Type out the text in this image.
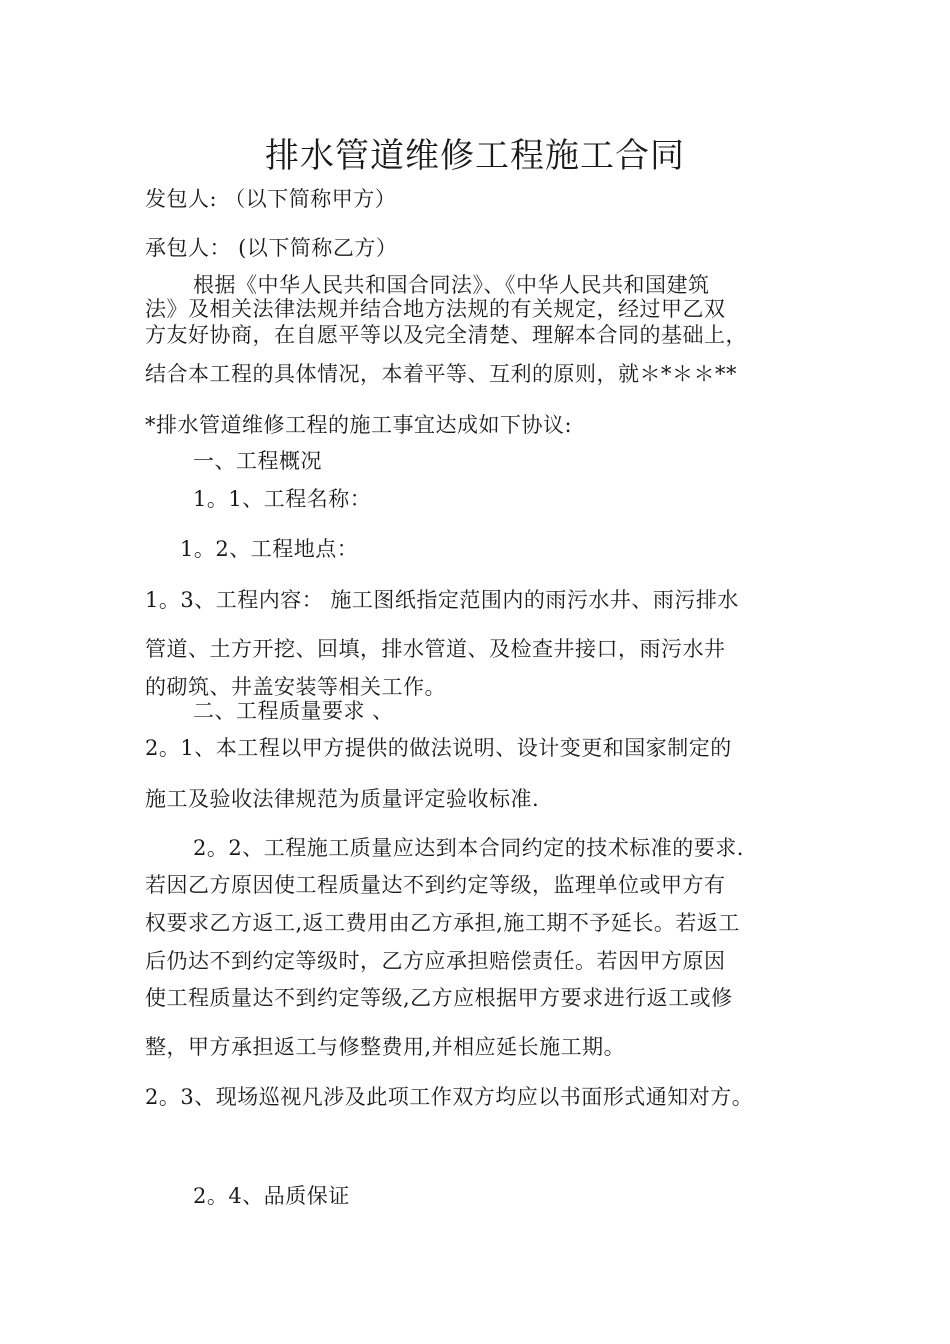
排水管道维修工程施工合同
发包人: （以下简称甲方）
承包人： (以下简称乙方）
根据《中华人民共和国合同法》、《中华人民共和国建筑
法》及相关法律法规并结合地方法规的有关规定，经过甲乙双
方友好协商，在自愿平等以及完全清楚、理解本合同的基础上，
结合本工程的具体情况，本着平等、互利的原则，就＊*＊＊**
*排水管道维修工程的施工事宜达成如下协议:
一、工程概况
1。1、工程名称：
1。2、工程地点：
1。3、工程内容： 施工图纸指定范围内的雨污水井、雨污排水
管道、土方开挖、回填，排水管道、及检查井接口，雨污水井
的砌筑、井盖安装等相关工作。
二、工程质量要求 、
2。1、本工程以甲方提供的做法说明、设计变更和国家制定的
施工及验收法律规范为质量评定验收标准.
2。2、工程施工质量应达到本合同约定的技术标准的要求.
若因乙方原因使工程质量达不到约定等级，监理单位或甲方有
权要求乙方返工,返工费用由乙方承担,施工期不予延长。若返工
后仍达不到约定等级时，乙方应承担赔偿责任。若因甲方原因
使工程质量达不到约定等级,乙方应根据甲方要求进行返工或修
整，甲方承担返工与修整费用,并相应延长施工期。
2。3、现场巡视凡涉及此项工作双方均应以书面形式通知对方。
2。4、品质保证
